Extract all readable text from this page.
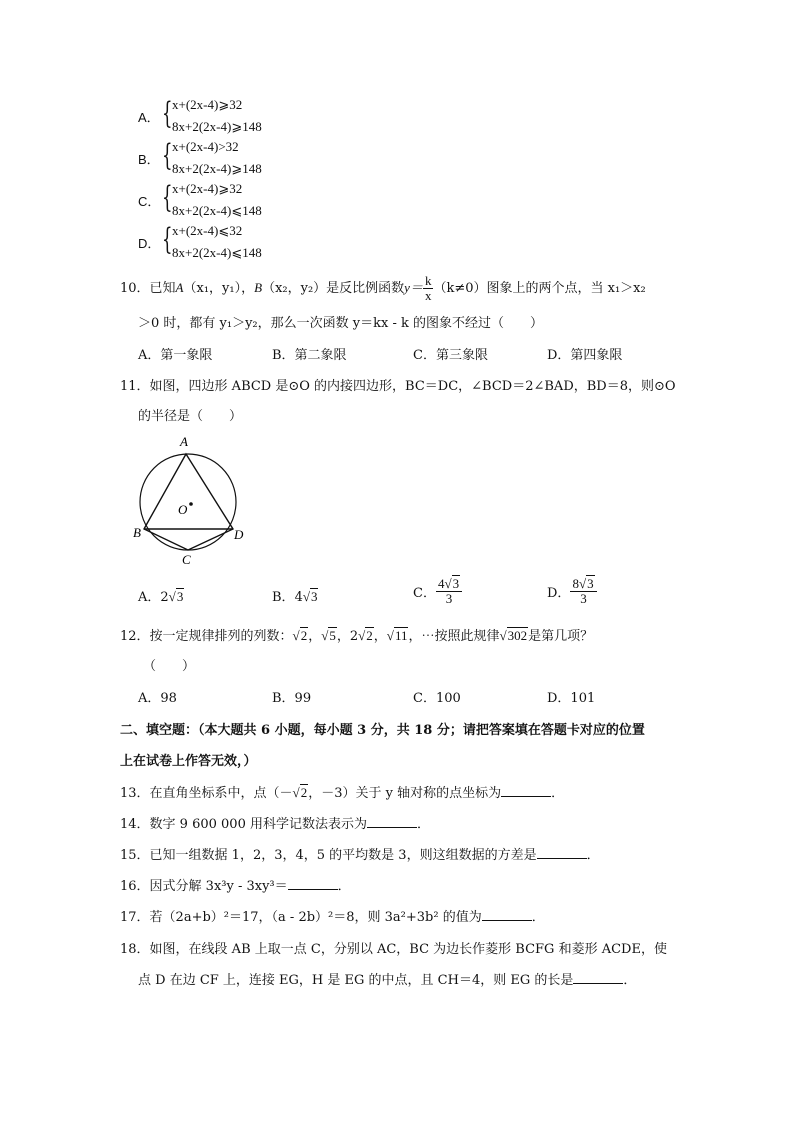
A． { x+(2x-4)⩾32
8x+2(2x-4)⩾148
B． { x+(2x-4)>32
8x+2(2x-4)⩾148
C． { x+(2x-4)⩾32
8x+2(2x-4)⩽148
D． { x+(2x-4)⩽32
8x+2(2x-4)⩽148
10．已知A（x₁，y₁），B（x₂，y₂）是反比例函数$y= \frac{k}{x} (k\ne 0)$图象上的两个点，当 x₁＞x₂
＞0 时，都有 y₁＞y₂，那么一次函数 y＝kx - k 的图象不经过（　　）
A．第一象限	B．第二象限	C．第三象限	D．第四象限
11．如图，四边形 ABCD 是⊙O 的内接四边形，BC＝DC，∠BCD＝2∠BAD，BD＝8，则⊙O
的半径是（　　）
A
B
C
D
O
A．2√3	B．4√3	C． $\frac{4√3}{3}$	D． $\frac{8√3}{3}$
12．按一定规律排列的列数：√2，√5，2√2，√11，⋯按照此规律√302是第几项？
（　　）
A．98	B．99	C．100	D．101
二、填空题：（本大题共 6 小题，每小题 3 分，共 18 分；请把答案填在答题卡对应的位置
上在试卷上作答无效，）
13．在直角坐标系中，点（－√2，－3）关于 y 轴对称的点坐标为	．
14．数字 9 600 000 用科学记数法表示为	．
15．已知一组数据 1，2，3，4，5 的平均数是 3，则这组数据的方差是	．
16．因式分解 3x³y - 3xy³＝	．
17．若（2a+b）²＝17，（a - 2b）²＝8，则 3a²+3b² 的值为	．
18．如图，在线段 AB 上取一点 C，分别以 AC，BC 为边长作菱形 BCFG 和菱形 ACDE，使
点 D 在边 CF 上，连接 EG，H 是 EG 的中点，且 CH＝4，则 EG 的长是	．
